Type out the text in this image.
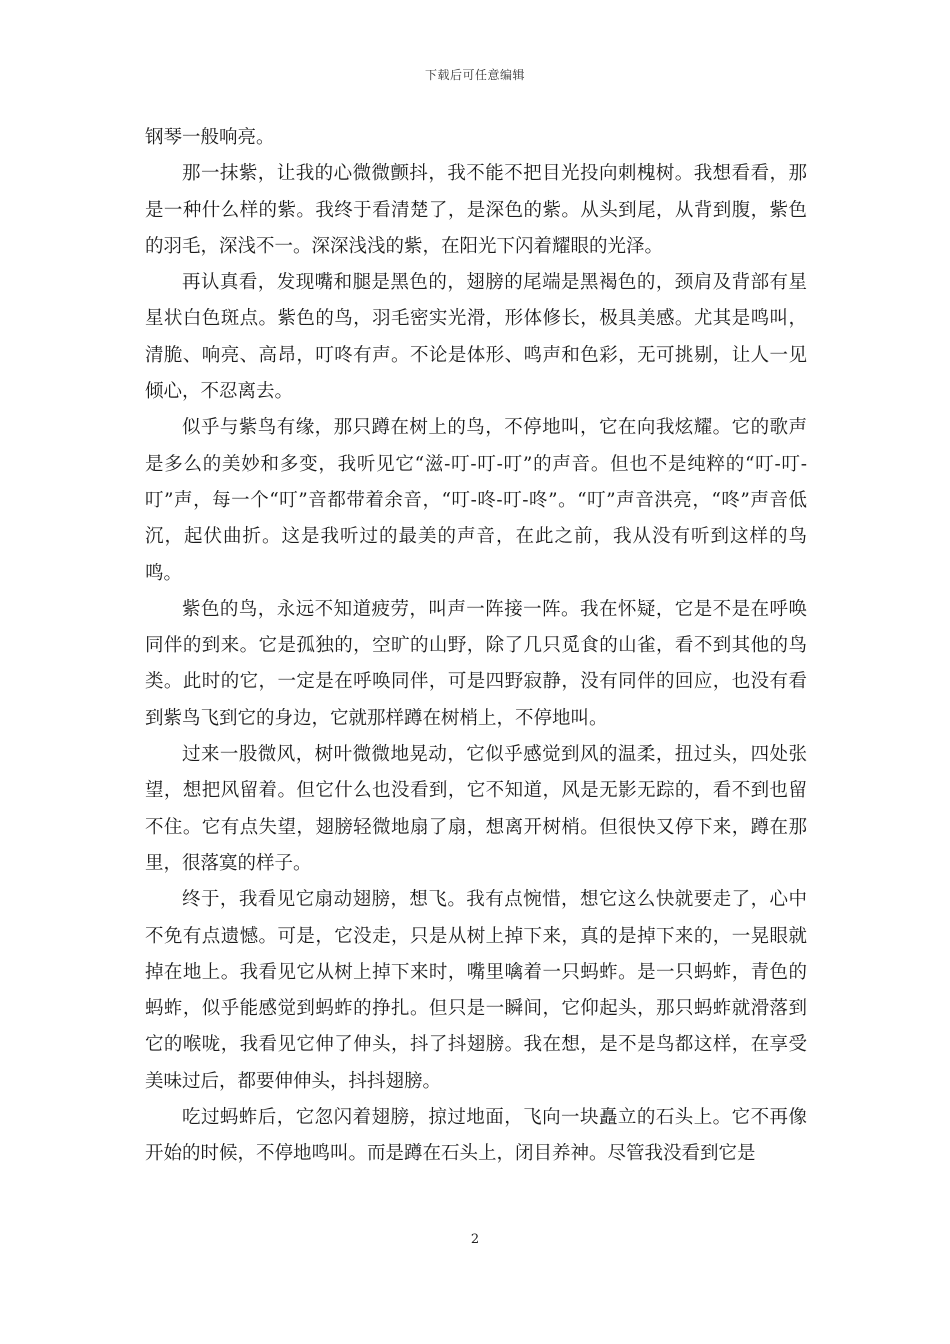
下载后可任意编辑

钢琴一般响亮。

那一抹紫，让我的心微微颤抖，我不能不把目光投向刺槐树。我想看看，那是一种什么样的紫。我终于看清楚了，是深色的紫。从头到尾，从背到腹，紫色的羽毛，深浅不一。深深浅浅的紫，在阳光下闪着耀眼的光泽。

再认真看，发现嘴和腿是黑色的，翅膀的尾端是黑褐色的，颈肩及背部有星星状白色斑点。紫色的鸟，羽毛密实光滑，形体修长，极具美感。尤其是鸣叫，清脆、响亮、高昂，叮咚有声。不论是体形、鸣声和色彩，无可挑剔，让人一见倾心，不忍离去。

似乎与紫鸟有缘，那只蹲在树上的鸟，不停地叫，它在向我炫耀。它的歌声是多么的美妙和多变，我听见它“滋-叮-叮-叮”的声音。但也不是纯粹的“叮-叮-叮”声，每一个“叮”音都带着余音，“叮-咚-叮-咚”。“叮”声音洪亮，“咚”声音低沉，起伏曲折。这是我听过的最美的声音，在此之前，我从没有听到这样的鸟鸣。

紫色的鸟，永远不知道疲劳，叫声一阵接一阵。我在怀疑，它是不是在呼唤同伴的到来。它是孤独的，空旷的山野，除了几只觅食的山雀，看不到其他的鸟类。此时的它，一定是在呼唤同伴，可是四野寂静，没有同伴的回应，也没有看到紫鸟飞到它的身边，它就那样蹲在树梢上，不停地叫。

过来一股微风，树叶微微地晃动，它似乎感觉到风的温柔，扭过头，四处张望，想把风留着。但它什么也没看到，它不知道，风是无影无踪的，看不到也留不住。它有点失望，翅膀轻微地扇了扇，想离开树梢。但很快又停下来，蹲在那里，很落寞的样子。

终于，我看见它扇动翅膀，想飞。我有点惋惜，想它这么快就要走了，心中不免有点遗憾。可是，它没走，只是从树上掉下来，真的是掉下来的，一晃眼就掉在地上。我看见它从树上掉下来时，嘴里噙着一只蚂蚱。是一只蚂蚱，青色的蚂蚱，似乎能感觉到蚂蚱的挣扎。但只是一瞬间，它仰起头，那只蚂蚱就滑落到它的喉咙，我看见它伸了伸头，抖了抖翅膀。我在想，是不是鸟都这样，在享受美味过后，都要伸伸头，抖抖翅膀。

吃过蚂蚱后，它忽闪着翅膀，掠过地面，飞向一块矗立的石头上。它不再像开始的时候，不停地鸣叫。而是蹲在石头上，闭目养神。尽管我没看到它是

2
